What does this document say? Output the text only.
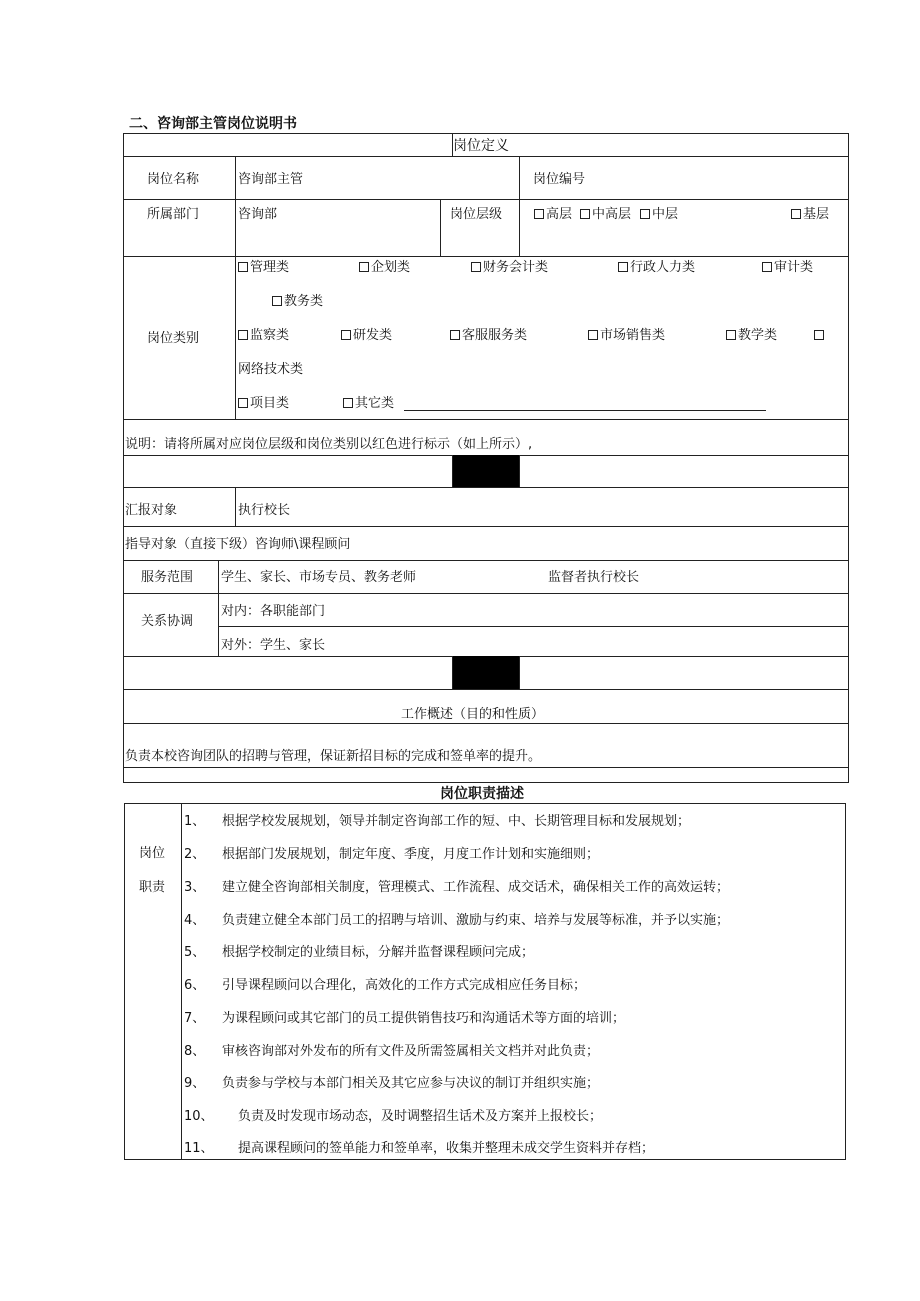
二、咨询部主管岗位说明书
岗位定义
岗位名称	咨询部主管	岗位编号
所属部门	咨询部	岗位层级	高层	中高层	中层	基层
岗位类别
管理类	企划类	财务会计类	行政人力类	审计类
教务类
监察类	研发类	客服服务类	市场销售类	教学类
网络技术类
项目类	其它类
说明：请将所属对应岗位层级和岗位类别以红色进行标示（如上所示）,
汇报对象	执行校长
指导对象（直接下级）咨询师\课程顾问
服务范围 学生、家长、市场专员、教务老师	监督者执行校长
关系协调
对内：各职能部门
对外：学生、家长
工作概述（目的和性质）
负责本校咨询团队的招聘与管理，保证新招目标的完成和签单率的提升。
岗位职责描述
岗位
职责
1、 根据学校发展规划，领导并制定咨询部工作的短、中、长期管理目标和发展规划；
2、 根据部门发展规划，制定年度、季度，月度工作计划和实施细则；
3、 建立健全咨询部相关制度，管理模式、工作流程、成交话术，确保相关工作的高效运转；
4、 负责建立健全本部门员工的招聘与培训、激励与约束、培养与发展等标准，并予以实施；
5、 根据学校制定的业绩目标，分解并监督课程顾问完成；
6、 引导课程顾问以合理化，高效化的工作方式完成相应任务目标；
7、 为课程顾问或其它部门的员工提供销售技巧和沟通话术等方面的培训；
8、 审核咨询部对外发布的所有文件及所需签属相关文档并对此负责；
9、 负责参与学校与本部门相关及其它应参与决议的制订并组织实施；
10、 负责及时发现市场动态，及时调整招生话术及方案并上报校长；
11、 提高课程顾问的签单能力和签单率，收集并整理未成交学生资料并存档；
